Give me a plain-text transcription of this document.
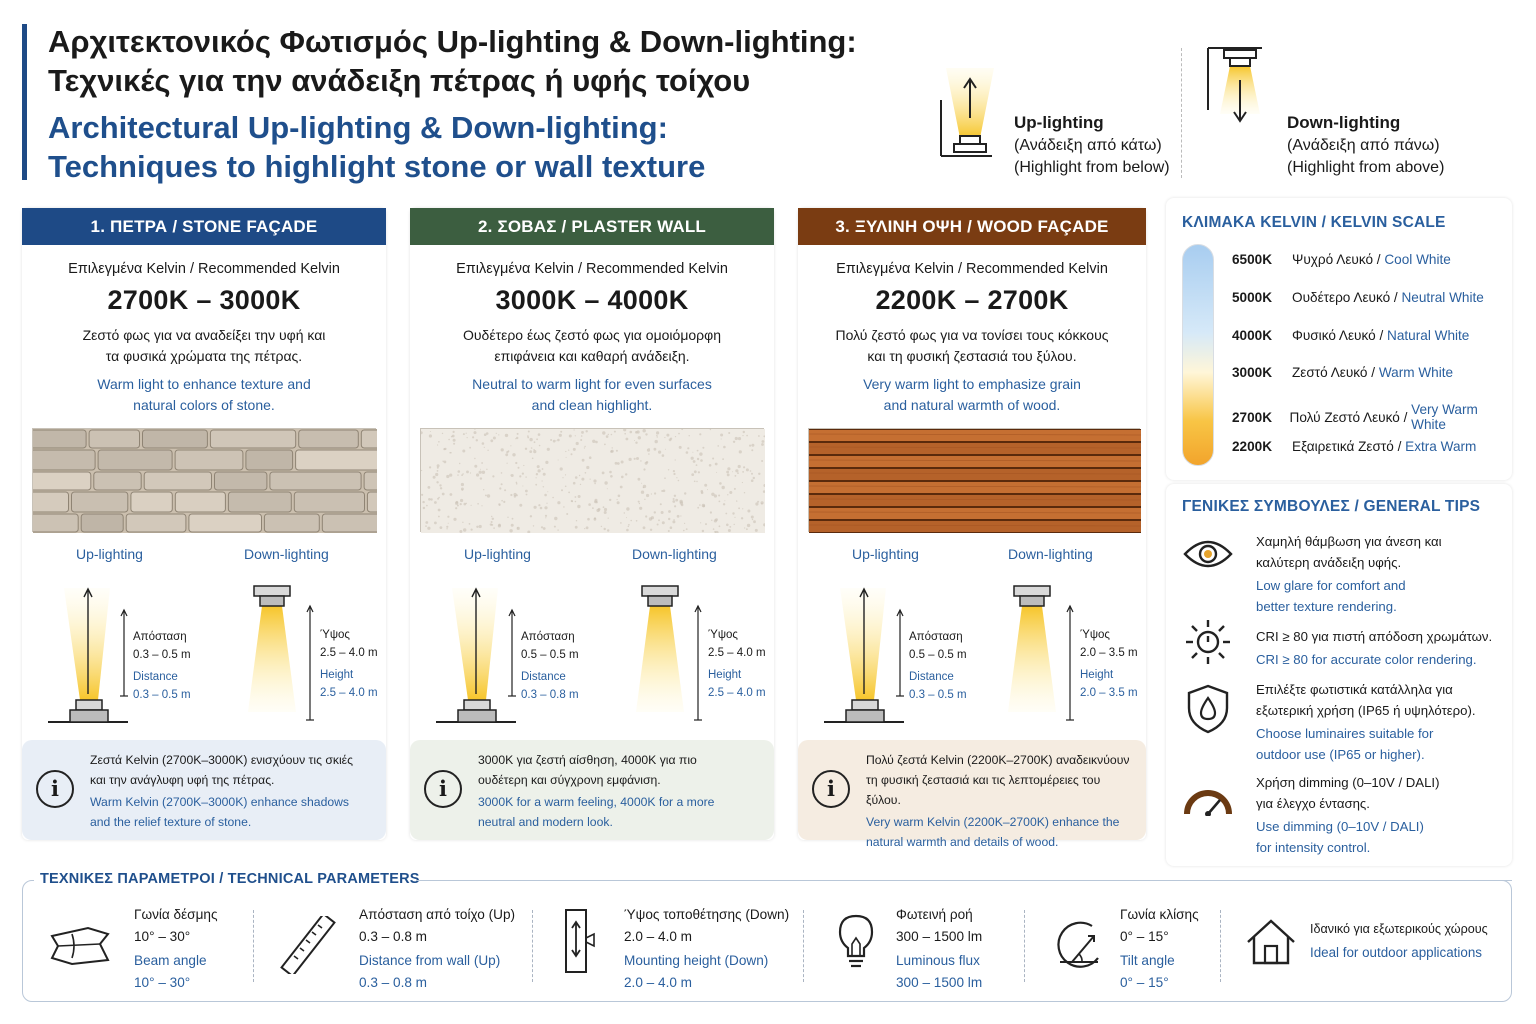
Αρχιτεκτονικός Φωτισμός Up-lighting & Down-lighting:
Τεχνικές για την ανάδειξη πέτρας ή υφής τοίχου
Architectural Up-lighting & Down-lighting:
Techniques to highlight stone or wall texture
Up-lighting
(Ανάδειξη από κάτω)
(Highlight from below)
Down-lighting
(Ανάδειξη από πάνω)
(Highlight from above)
1. ΠΕΤΡΑ / STONE FAÇADE
Επιλεγμένα Kelvin / Recommended Kelvin
2700K – 3000K
Ζεστό φως για να αναδείξει την υφή και
τα φυσικά χρώματα της πέτρας.
Warm light to enhance texture and
natural colors of stone.
Up-lighting	Down-lighting
Απόσταση
0.3 – 0.5 m
Distance
0.3 – 0.5 m
Ύψος
2.5 – 4.0 m
Height
2.5 – 4.0 m
i
Ζεστά Kelvin (2700K–3000K) ενισχύουν τις σκιές
και την ανάγλυφη υφή της πέτρας.
Warm Kelvin (2700K–3000K) enhance shadows
and the relief texture of stone.
2. ΣΟΒΑΣ / PLASTER WALL
Επιλεγμένα Kelvin / Recommended Kelvin
3000K – 4000K
Ουδέτερο έως ζεστό φως για ομοιόμορφη
επιφάνεια και καθαρή ανάδειξη.
Neutral to warm light for even surfaces
and clean highlight.
Up-lighting	Down-lighting
Απόσταση
0.5 – 0.5 m
Distance
0.3 – 0.8 m
Ύψος
2.5 – 4.0 m
Height
2.5 – 4.0 m
i
3000K για ζεστή αίσθηση, 4000K για πιο
ουδέτερη και σύγχρονη εμφάνιση.
3000K for a warm feeling, 4000K for a more
neutral and modern look.
3. ΞΥΛΙΝΗ ΟΨΗ / WOOD FAÇADE
Επιλεγμένα Kelvin / Recommended Kelvin
2200K – 2700K
Πολύ ζεστό φως για να τονίσει τους κόκκους
και τη φυσική ζεστασιά του ξύλου.
Very warm light to emphasize grain
and natural warmth of wood.
Up-lighting	Down-lighting
Απόσταση
0.5 – 0.5 m
Distance
0.3 – 0.5 m
Ύψος
2.0 – 3.5 m
Height
2.0 – 3.5 m
i
Πολύ ζεστά Kelvin (2200K–2700K) αναδεικνύουν
τη φυσική ζεστασιά και τις λεπτομέρειες του ξύλου.
Very warm Kelvin (2200K–2700K) enhance the
natural warmth and details of wood.
ΚΛΙΜΑΚΑ KELVIN / KELVIN SCALE
6500K	Ψυχρό Λευκό / Cool White
5000K	Ουδέτερο Λευκό / Neutral White
4000K	Φυσικό Λευκό / Natural White
3000K	Ζεστό Λευκό / Warm White
2700K	Πολύ Ζεστό Λευκό / Very Warm White
2200K	Εξαιρετικά Ζεστό / Extra Warm
ΓΕΝΙΚΕΣ ΣΥΜΒΟΥΛΕΣ / GENERAL TIPS
Χαμηλή θάμβωση για άνεση και
καλύτερη ανάδειξη υφής.
Low glare for comfort and
better texture rendering.
CRI ≥ 80 για πιστή απόδοση χρωμάτων.
CRI ≥ 80 for accurate color rendering.
Επιλέξτε φωτιστικά κατάλληλα για
εξωτερική χρήση (IP65 ή υψηλότερο).
Choose luminaires suitable for
outdoor use (IP65 or higher).
Χρήση dimming (0–10V / DALI)
για έλεγχο έντασης.
Use dimming (0–10V / DALI)
for intensity control.
ΤΕΧΝΙΚΕΣ ΠΑΡΑΜΕΤΡΟΙ / TECHNICAL PARAMETERS
Γωνία δέσμης
10° – 30°
Beam angle
10° – 30°
Απόσταση από τοίχο (Up)
0.3 – 0.8 m
Distance from wall (Up)
0.3 – 0.8 m
Ύψος τοποθέτησης (Down)
2.0 – 4.0 m
Mounting height (Down)
2.0 – 4.0 m
Φωτεινή ροή
300 – 1500 lm
Luminous flux
300 – 1500 lm
Γωνία κλίσης
0° – 15°
Tilt angle
0° – 15°
Ιδανικό για εξωτερικούς χώρους
Ideal for outdoor applications
